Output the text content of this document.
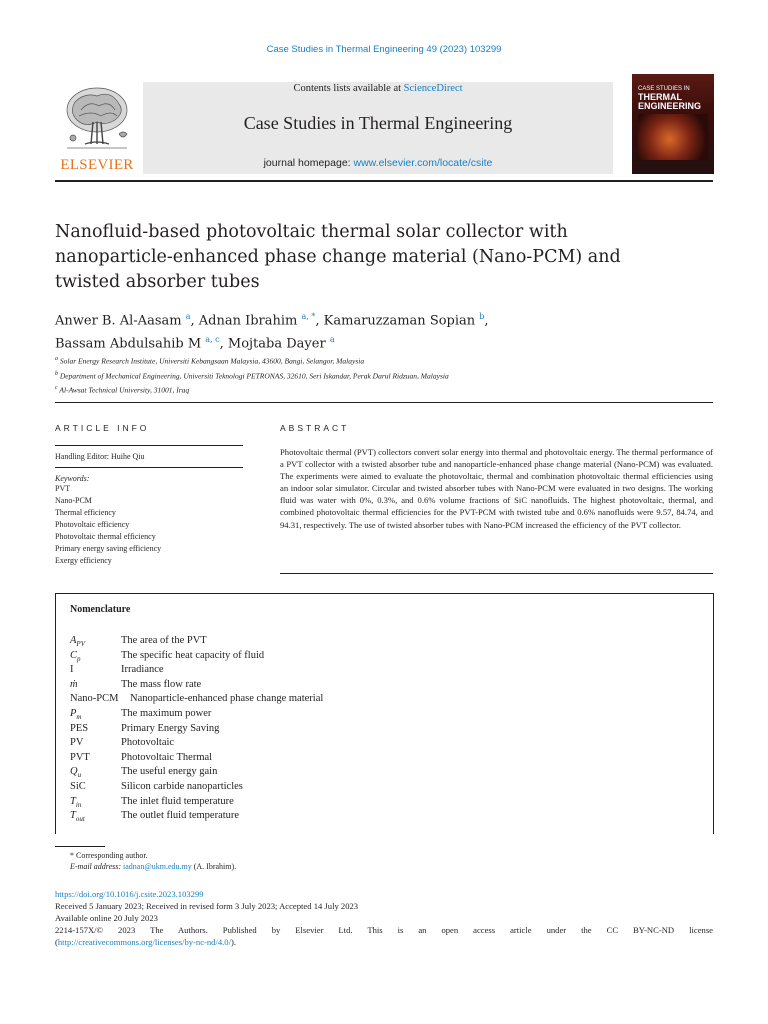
Case Studies in Thermal Engineering 49 (2023) 103299
ELSEVIER
Contents lists available at ScienceDirect
Case Studies in Thermal Engineering
journal homepage: www.elsevier.com/locate/csite
CASE STUDIES IN
THERMAL
ENGINEERING
Nanofluid-based photovoltaic thermal solar collector with
nanoparticle-enhanced phase change material (Nano-PCM) and
twisted absorber tubes
Anwer B. Al-Aasam $^a$, Adnan Ibrahim $^{a, *}$, Kamaruzzaman Sopian $^b$,
Bassam Abdulsahib M $^{a, c}$, Mojtaba Dayer $^a$
$^a$ Solar Energy Research Institute, Universiti Kebangsaan Malaysia, 43600, Bangi, Selangor, Malaysia
$^b$ Department of Mechanical Engineering, Universiti Teknologi PETRONAS, 32610, Seri Iskandar, Perak Darul Ridzuan, Malaysia
$^c$ Al-Awsat Technical University, 31001, Iraq
ARTICLE INFO	ABSTRACT
Handling Editor: Huihe Qiu
Keywords:
PVT
Nano-PCM
Thermal efficiency
Photovoltaic efficiency
Photovoltaic thermal efficiency
Primary energy saving efficiency
Exergy efficiency
Photovoltaic thermal (PVT) collectors convert solar energy into thermal and photovoltaic energy. The thermal performance of a PVT collector with a twisted absorber tube and nanoparticle-enhanced phase change material (Nano-PCM) was evaluated. The experiments were aimed to evaluate the photovoltaic, thermal and combination photovoltaic thermal efficiencies using an indoor solar simulator. Circular and twisted absorber tubes with Nano-PCM were evaluated in two designs. The working fluid was water with 0%, 0.3%, and 0.6% volume fractions of SiC nanofluids. The highest photovoltaic, thermal, and combined photovoltaic thermal efficiencies for the PVT-PCM with twisted tube and 0.6% nanofluids were 9.57, 84.74, and 94.31, respectively. The use of twisted absorber tubes with Nano-PCM increased the efficiency of the PVT collector.
Nomenclature
$A_{PV}$	The area of the PVT
$C_p$	The specific heat capacity of fluid
I	Irradiance
ṁ	The mass flow rate
Nano-PCM Nanoparticle-enhanced phase change material
$P_m$	The maximum power
PES	Primary Energy Saving
PV	Photovoltaic
PVT	Photovoltaic Thermal
$Q_u$	The useful energy gain
SiC	Silicon carbide nanoparticles
$T_{in}$	The inlet fluid temperature
$T_{out}$	The outlet fluid temperature
* Corresponding author.
E-mail address: iadnan@ukm.edu.my (A. Ibrahim).
https://doi.org/10.1016/j.csite.2023.103299
Received 5 January 2023; Received in revised form 3 July 2023; Accepted 14 July 2023
Available online 20 July 2023
2214-157X/© 2023 The Authors. Published by Elsevier Ltd. This is an open access article under the CC BY-NC-ND license
(http://creativecommons.org/licenses/by-nc-nd/4.0/).
